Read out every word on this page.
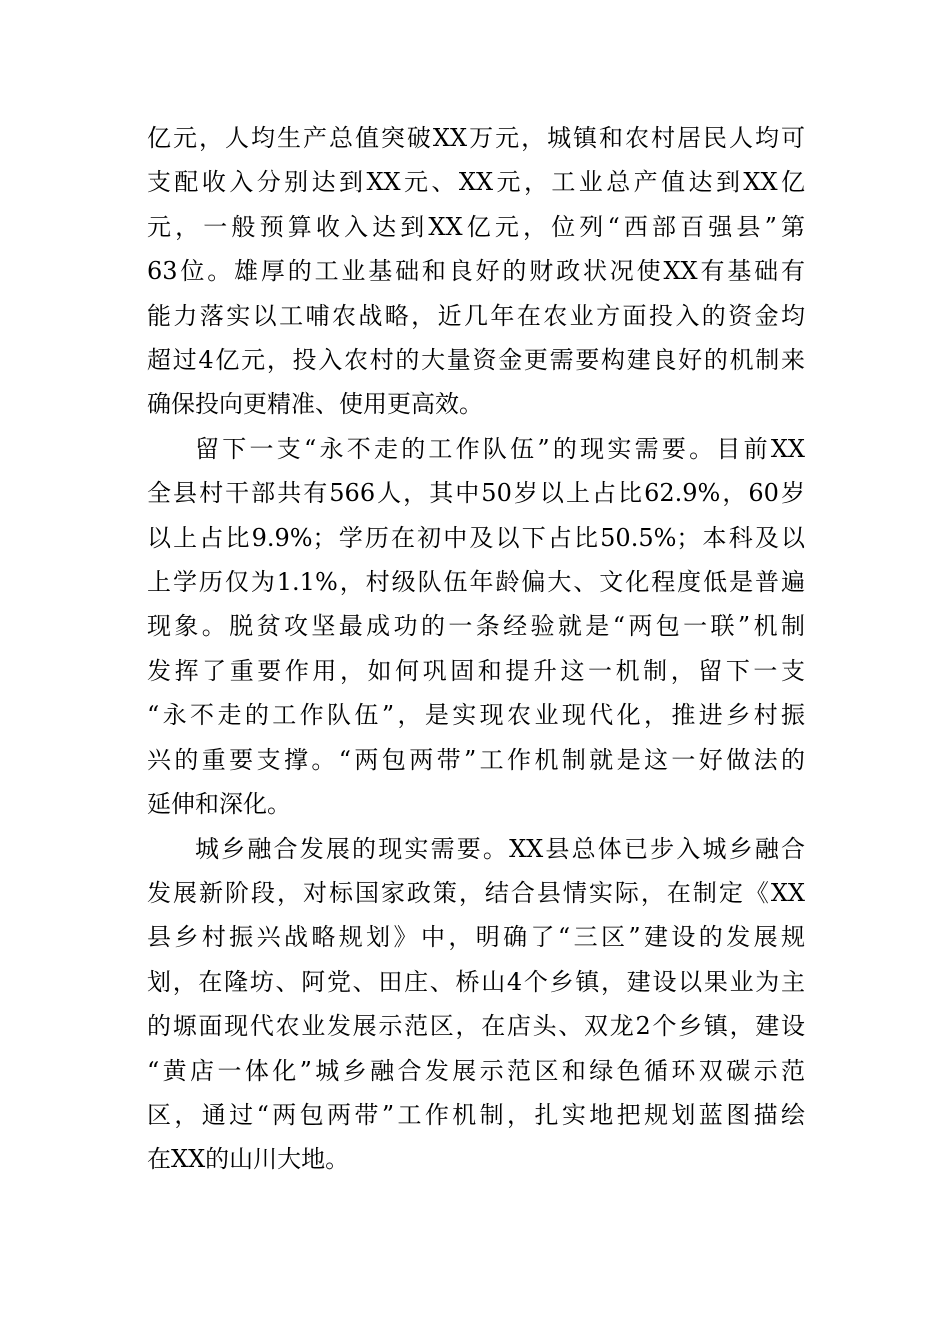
亿元，人均生产总值突破XX万元，城镇和农村居民人均可
支配收入分别达到XX元、XX元，工业总产值达到XX亿
元，一般预算收入达到XX亿元，位列“西部百强县”第
63位。雄厚的工业基础和良好的财政状况使XX有基础有
能力落实以工哺农战略，近几年在农业方面投入的资金均
超过4亿元，投入农村的大量资金更需要构建良好的机制来
确保投向更精准、使用更高效。

留下一支“永不走的工作队伍”的现实需要。目前XX
全县村干部共有566人，其中50岁以上占比62.9%，60岁
以上占比9.9%；学历在初中及以下占比50.5%；本科及以
上学历仅为1.1%，村级队伍年龄偏大、文化程度低是普遍
现象。脱贫攻坚最成功的一条经验就是“两包一联”机制
发挥了重要作用，如何巩固和提升这一机制，留下一支
“永不走的工作队伍”，是实现农业现代化，推进乡村振
兴的重要支撑。“两包两带”工作机制就是这一好做法的
延伸和深化。

城乡融合发展的现实需要。XX县总体已步入城乡融合
发展新阶段，对标国家政策，结合县情实际，在制定《XX
县乡村振兴战略规划》中，明确了“三区”建设的发展规
划，在隆坊、阿党、田庄、桥山4个乡镇，建设以果业为主
的塬面现代农业发展示范区，在店头、双龙2个乡镇，建设
“黄店一体化”城乡融合发展示范区和绿色循环双碳示范
区，通过“两包两带”工作机制，扎实地把规划蓝图描绘
在XX的山川大地。
